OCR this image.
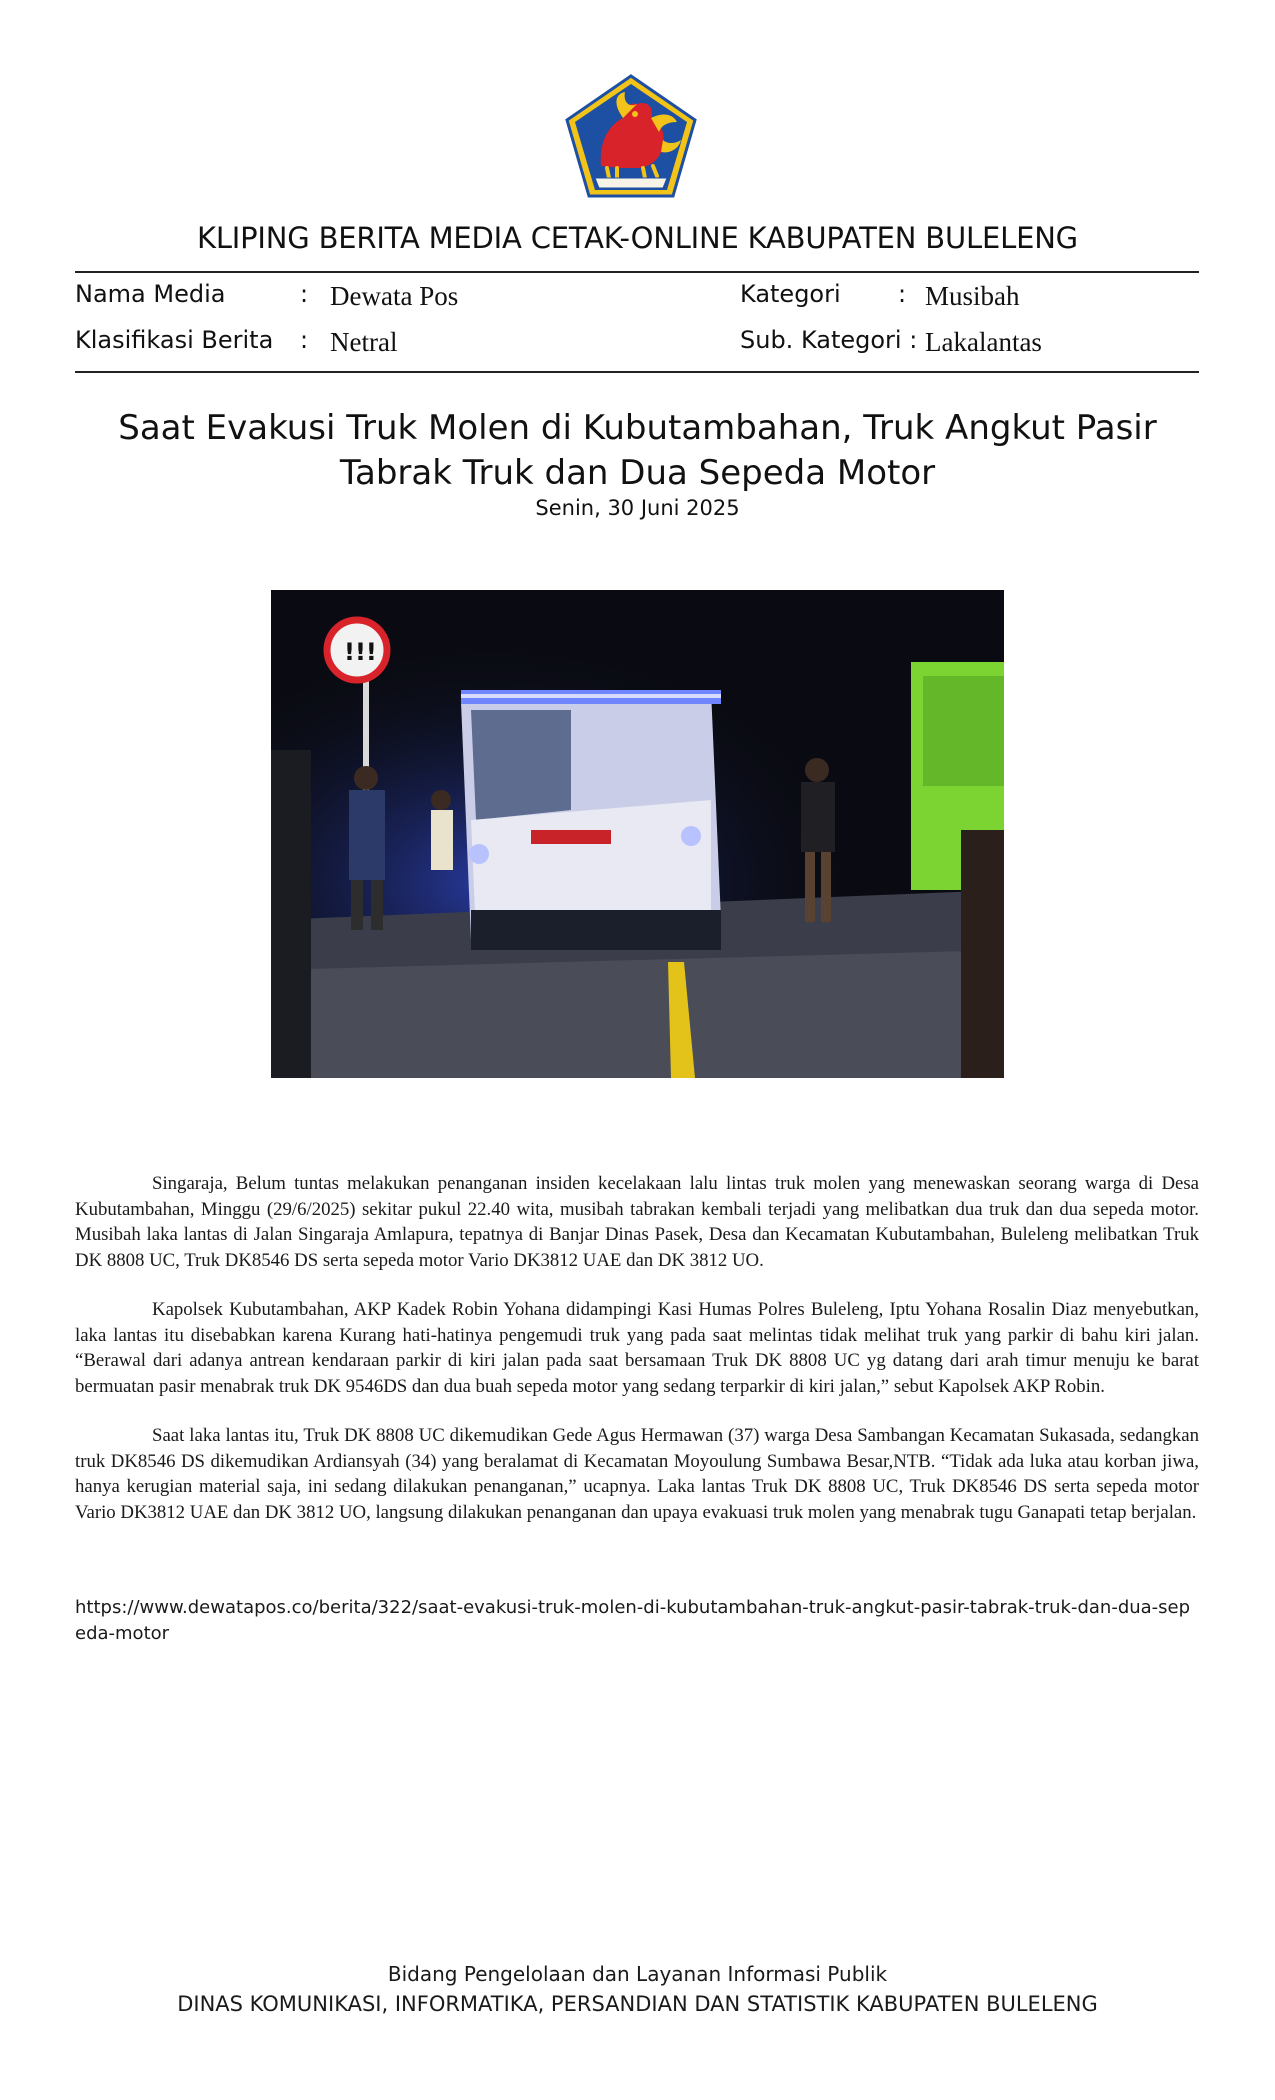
KLIPING BERITA MEDIA CETAK-ONLINE KABUPATEN BULELENG
Nama Media	: Dewata Pos
Klasifikasi Berita : Netral
Kategori : Musibah
Sub. Kategori : Lakalantas
Saat Evakusi Truk Molen di Kubutambahan, Truk Angkut Pasir Tabrak Truk dan Dua Sepeda Motor
Senin, 30 Juni 2025
!!!

Singaraja, Belum tuntas melakukan penanganan insiden kecelakaan lalu lintas truk molen yang menewaskan seorang warga di Desa Kubutambahan, Minggu (29/6/2025) sekitar pukul 22.40 wita, musibah tabrakan kembali terjadi yang melibatkan dua truk dan dua sepeda motor. Musibah laka lantas di Jalan Singaraja Amlapura, tepatnya di Banjar Dinas Pasek, Desa dan Kecamatan Kubutambahan, Buleleng melibatkan Truk DK 8808 UC, Truk DK8546 DS serta sepeda motor Vario DK3812 UAE dan DK 3812 UO.

Kapolsek Kubutambahan, AKP Kadek Robin Yohana didampingi Kasi Humas Polres Buleleng, Iptu Yohana Rosalin Diaz menyebutkan, laka lantas itu disebabkan karena Kurang hati-hatinya pengemudi truk yang pada saat melintas tidak melihat truk yang parkir di bahu kiri jalan. “Berawal dari adanya antrean kendaraan parkir di kiri jalan pada saat bersamaan Truk DK 8808 UC yg datang dari arah timur menuju ke barat bermuatan pasir menabrak truk DK 9546DS dan dua buah sepeda motor yang sedang terparkir di kiri jalan,” sebut Kapolsek AKP Robin.

Saat laka lantas itu, Truk DK 8808 UC dikemudikan Gede Agus Hermawan (37) warga Desa Sambangan Kecamatan Sukasada, sedangkan truk DK8546 DS dikemudikan Ardiansyah (34) yang beralamat di Kecamatan Moyoulung Sumbawa Besar,NTB. “Tidak ada luka atau korban jiwa, hanya kerugian material saja, ini sedang dilakukan penanganan,” ucapnya. Laka lantas Truk DK 8808 UC, Truk DK8546 DS serta sepeda motor Vario DK3812 UAE dan DK 3812 UO, langsung dilakukan penanganan dan upaya evakuasi truk molen yang menabrak tugu Ganapati tetap berjalan.

https://www.dewatapos.co/berita/322/saat-evakusi-truk-molen-di-kubutambahan-truk-angkut-pasir-tabrak-truk-dan-dua-sepeda-motor
Bidang Pengelolaan dan Layanan Informasi Publik
DINAS KOMUNIKASI, INFORMATIKA, PERSANDIAN DAN STATISTIK KABUPATEN BULELENG
